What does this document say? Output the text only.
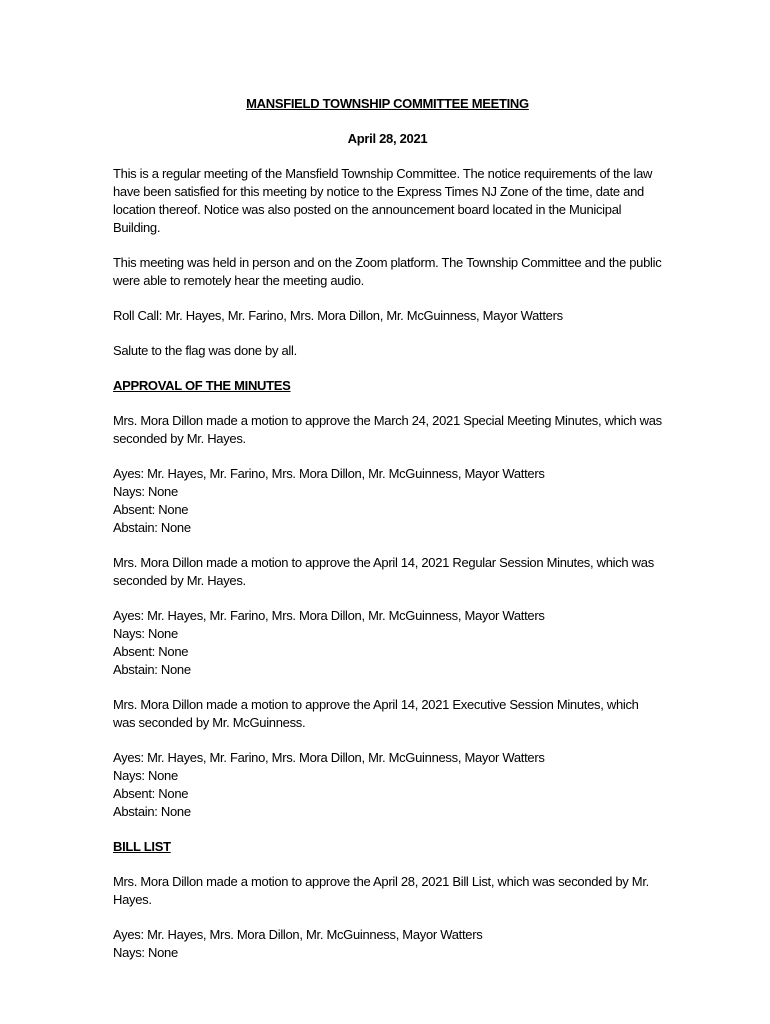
MANSFIELD TOWNSHIP COMMITTEE MEETING

April 28, 2021

This is a regular meeting of the Mansfield Township Committee. The notice requirements of the law have been satisfied for this meeting by notice to the Express Times NJ Zone of the time, date and location thereof. Notice was also posted on the announcement board located in the Municipal Building.

This meeting was held in person and on the Zoom platform. The Township Committee and the public were able to remotely hear the meeting audio.

Roll Call: Mr. Hayes, Mr. Farino, Mrs. Mora Dillon, Mr. McGuinness, Mayor Watters

Salute to the flag was done by all.

APPROVAL OF THE MINUTES

Mrs. Mora Dillon made a motion to approve the March 24, 2021 Special Meeting Minutes, which was seconded by Mr. Hayes.

Ayes: Mr. Hayes, Mr. Farino, Mrs. Mora Dillon, Mr. McGuinness, Mayor Watters

Nays: None

Absent: None

Abstain: None

Mrs. Mora Dillon made a motion to approve the April 14, 2021 Regular Session Minutes, which was seconded by Mr. Hayes.

Ayes: Mr. Hayes, Mr. Farino, Mrs. Mora Dillon, Mr. McGuinness, Mayor Watters

Nays: None

Absent: None

Abstain: None

Mrs. Mora Dillon made a motion to approve the April 14, 2021 Executive Session Minutes, which was seconded by Mr. McGuinness.

Ayes: Mr. Hayes, Mr. Farino, Mrs. Mora Dillon, Mr. McGuinness, Mayor Watters

Nays: None

Absent: None

Abstain: None

BILL LIST

Mrs. Mora Dillon made a motion to approve the April 28, 2021 Bill List, which was seconded by Mr. Hayes.

Ayes: Mr. Hayes, Mrs. Mora Dillon, Mr. McGuinness, Mayor Watters

Nays: None
